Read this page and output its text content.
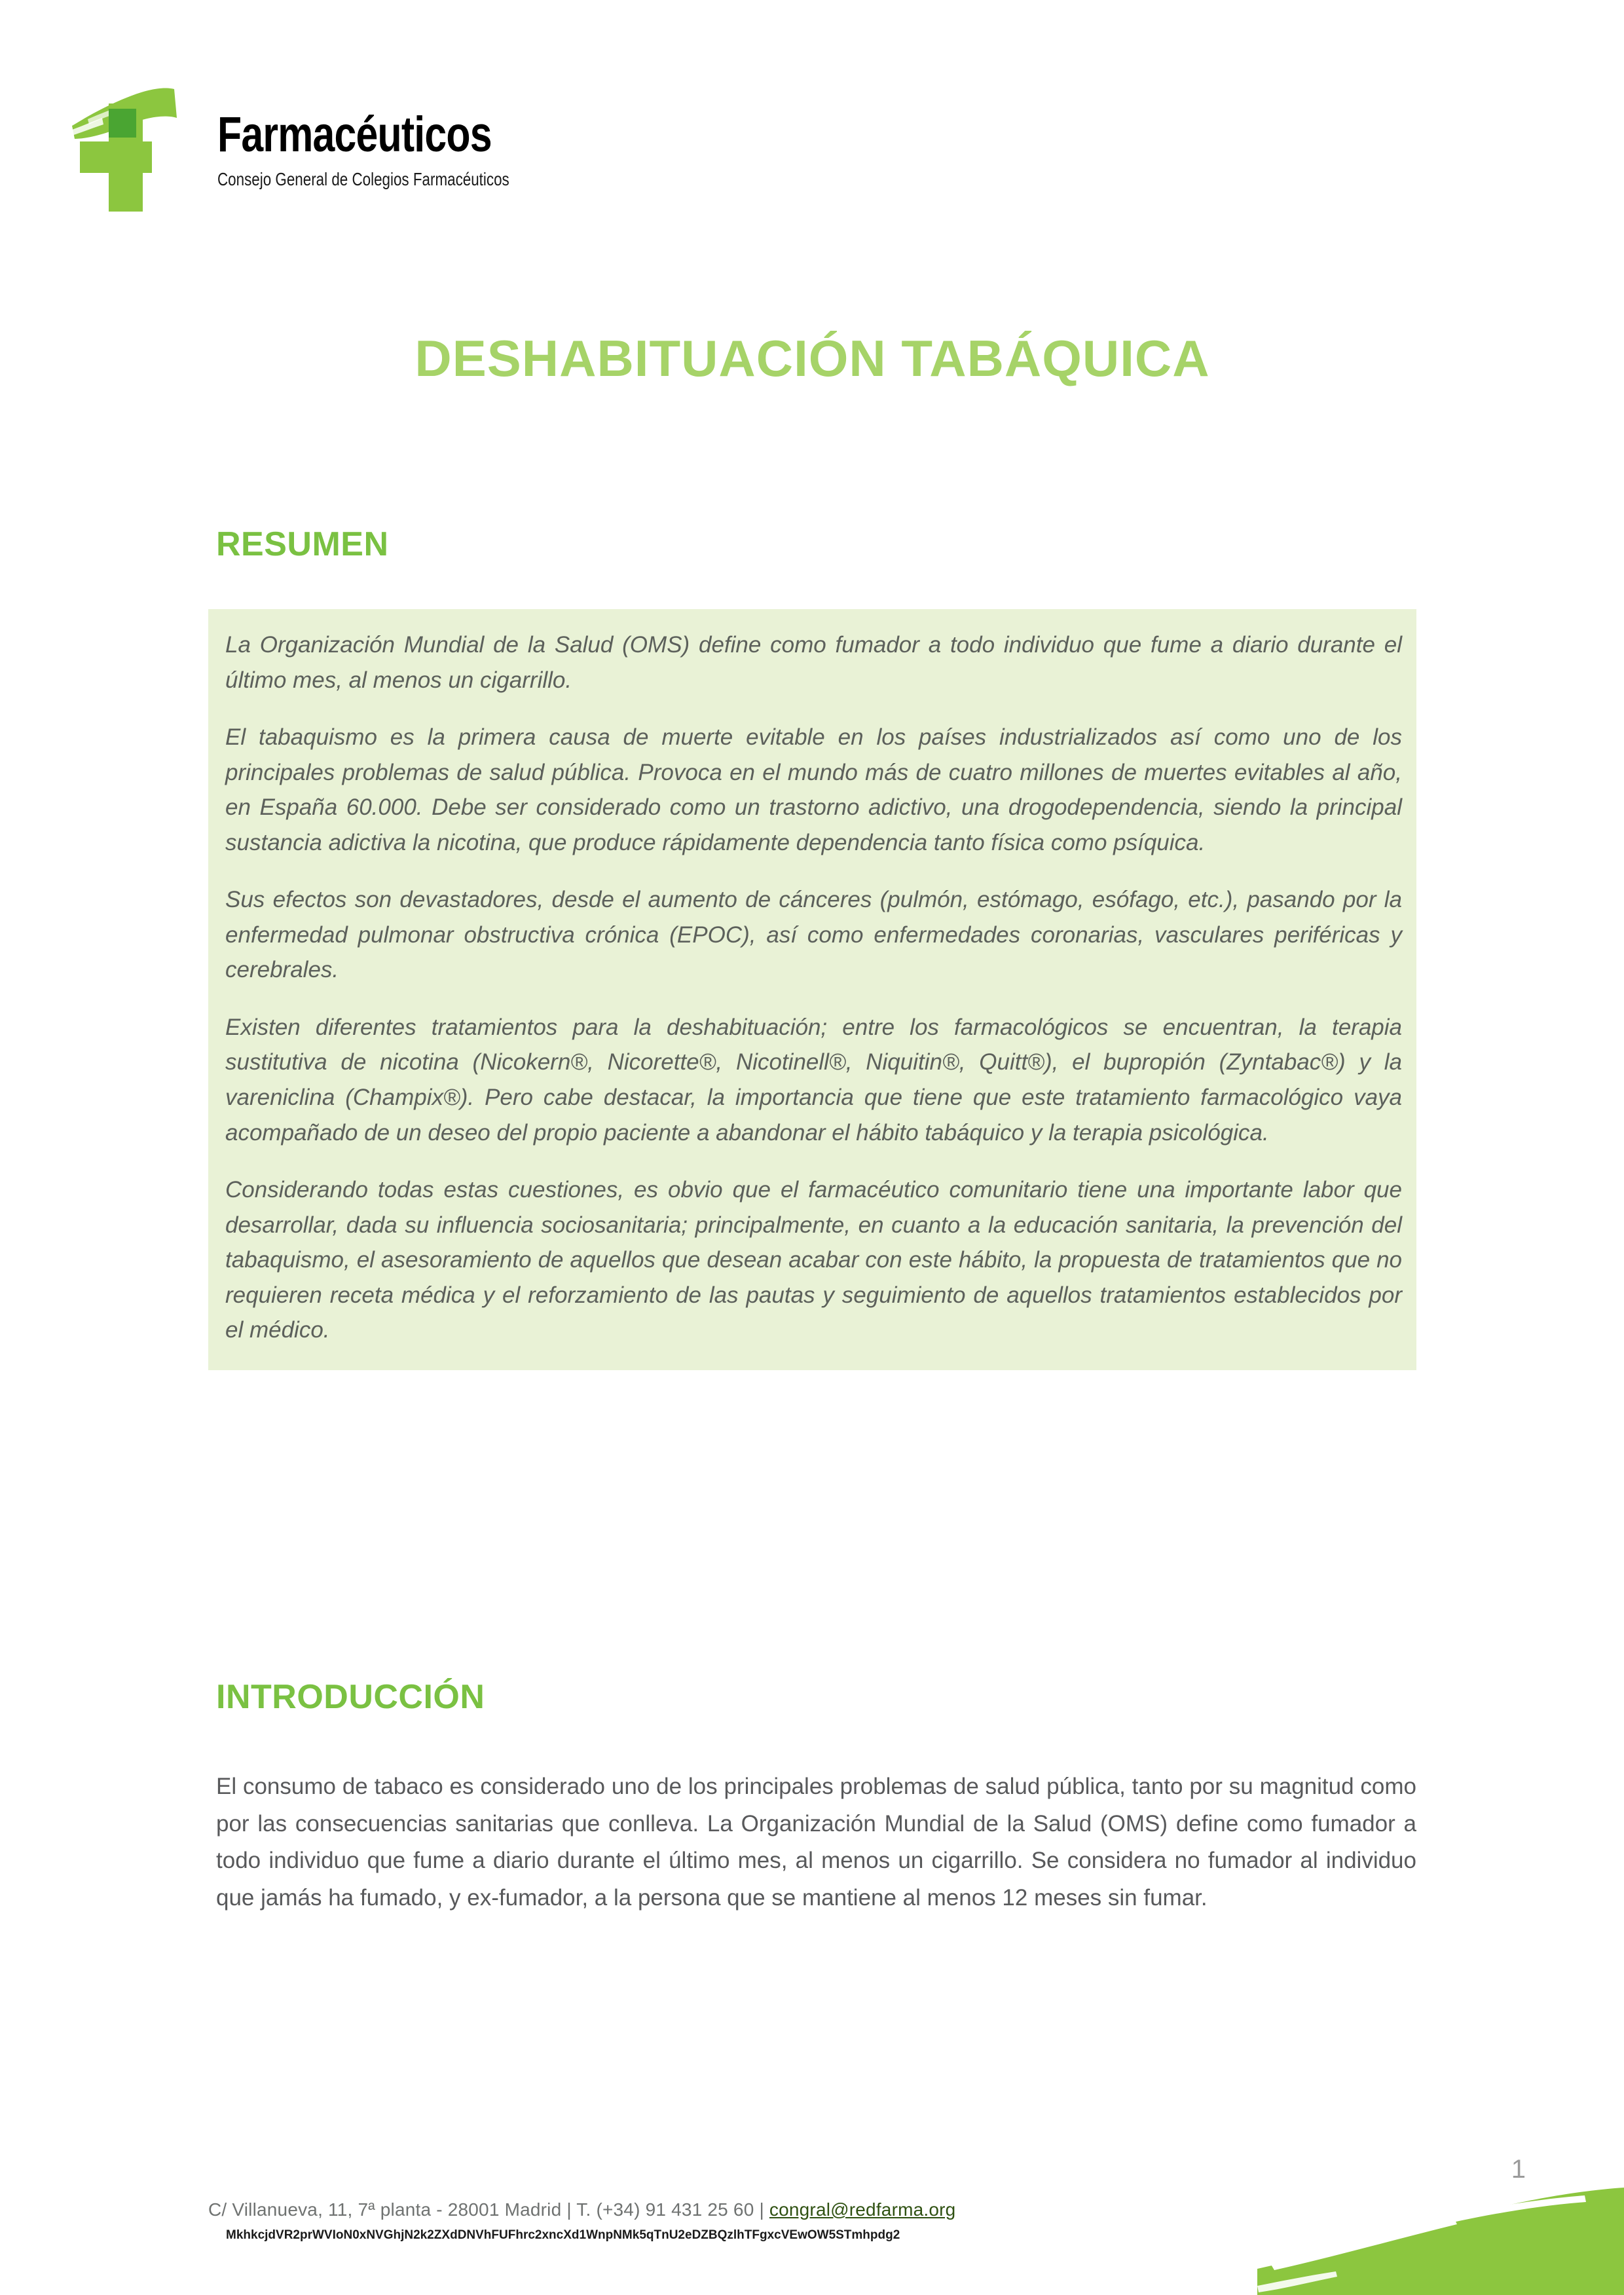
Farmacéuticos
Consejo General de Colegios Farmacéuticos
DESHABITUACIÓN TABÁQUICA
RESUMEN

La Organización Mundial de la Salud (OMS) define como fumador a todo individuo que fume a diario durante el último mes, al menos un cigarrillo.

El tabaquismo es la primera causa de muerte evitable en los países industrializados así como uno de los principales problemas de salud pública. Provoca en el mundo más de cuatro millones de muertes evitables al año, en España 60.000. Debe ser considerado como un trastorno adictivo, una drogodependencia, siendo la principal sustancia adictiva la nicotina, que produce rápidamente dependencia tanto física como psíquica.

Sus efectos son devastadores, desde el aumento de cánceres (pulmón, estómago, esófago, etc.), pasando por la enfermedad pulmonar obstructiva crónica (EPOC), así como enfermedades coronarias, vasculares periféricas y cerebrales.

Existen diferentes tratamientos para la deshabituación; entre los farmacológicos se encuentran, la terapia sustitutiva de nicotina (Nicokern®, Nicorette®, Nicotinell®, Niquitin®, Quitt®), el bupropión (Zyntabac®) y la vareniclina (Champix®). Pero cabe destacar, la importancia que tiene que este tratamiento farmacológico vaya acompañado de un deseo del propio paciente a abandonar el hábito tabáquico y la terapia psicológica.

Considerando todas estas cuestiones, es obvio que el farmacéutico comunitario tiene una importante labor que desarrollar, dada su influencia sociosanitaria; principalmente, en cuanto a la educación sanitaria, la prevención del tabaquismo, el asesoramiento de aquellos que desean acabar con este hábito, la propuesta de tratamientos que no requieren receta médica y el reforzamiento de las pautas y seguimiento de aquellos tratamientos establecidos por el médico.

INTRODUCCIÓN

El consumo de tabaco es considerado uno de los principales problemas de salud pública, tanto por su magnitud como por las consecuencias sanitarias que conlleva. La Organización Mundial de la Salud (OMS) define como fumador a todo individuo que fume a diario durante el último mes, al menos un cigarrillo. Se considera no fumador al individuo que jamás ha fumado, y ex-fumador, a la persona que se mantiene al menos 12 meses sin fumar.

1
C/ Villanueva, 11, 7ª planta - 28001 Madrid | T. (+34) 91 431 25 60 | congral@redfarma.org
MkhkcjdVR2prWVIoN0xNVGhjN2k2ZXdDNVhFUFhrc2xncXd1WnpNMk5qTnU2eDZBQzlhTFgxcVEwOW5STmhpdg2
